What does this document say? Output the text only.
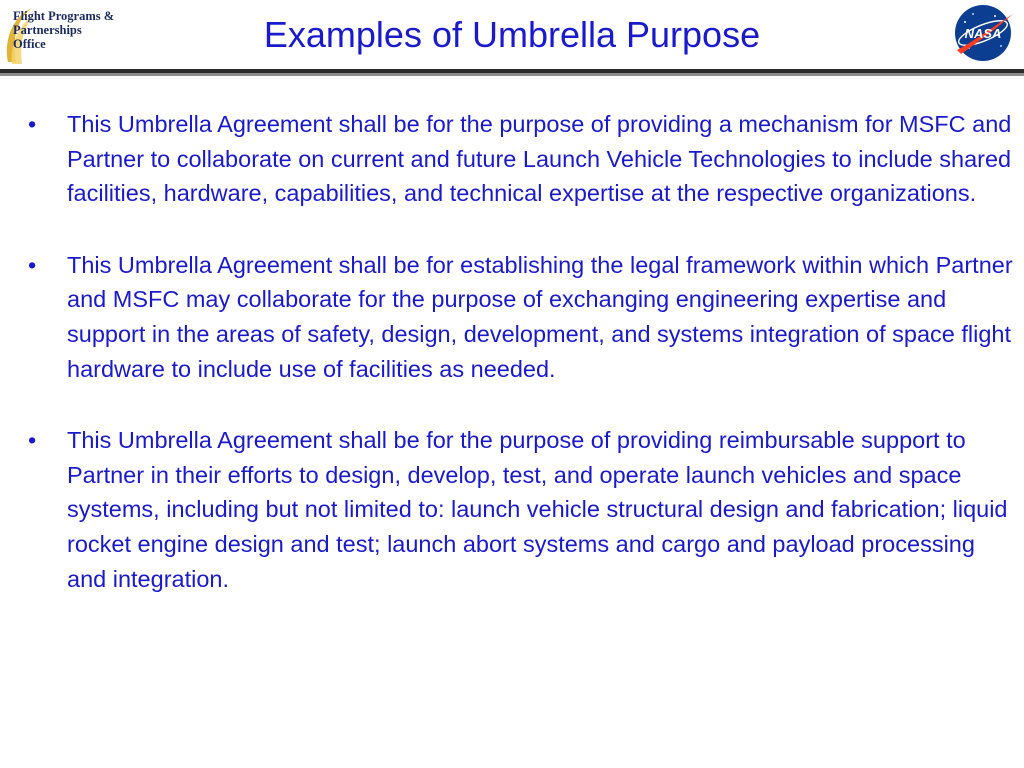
Flight Programs &
Partnerships
Office	Examples of Umbrella Purpose	NASA
•	This Umbrella Agreement shall be for the purpose of providing a mechanism for MSFC and Partner to collaborate on current and future Launch Vehicle Technologies to include shared facilities, hardware, capabilities, and technical expertise at the respective organizations.
•	This Umbrella Agreement shall be for establishing the legal framework within which Partner and MSFC may collaborate for the purpose of exchanging engineering expertise and support in the areas of safety, design, development, and systems integration of space flight hardware to include use of facilities as needed.
•	This Umbrella Agreement shall be for the purpose of providing reimbursable support to Partner in their efforts to design, develop, test, and operate launch vehicles and space systems, including but not limited to: launch vehicle structural design and fabrication; liquid rocket engine design and test; launch abort systems and cargo and payload processing and integration.
